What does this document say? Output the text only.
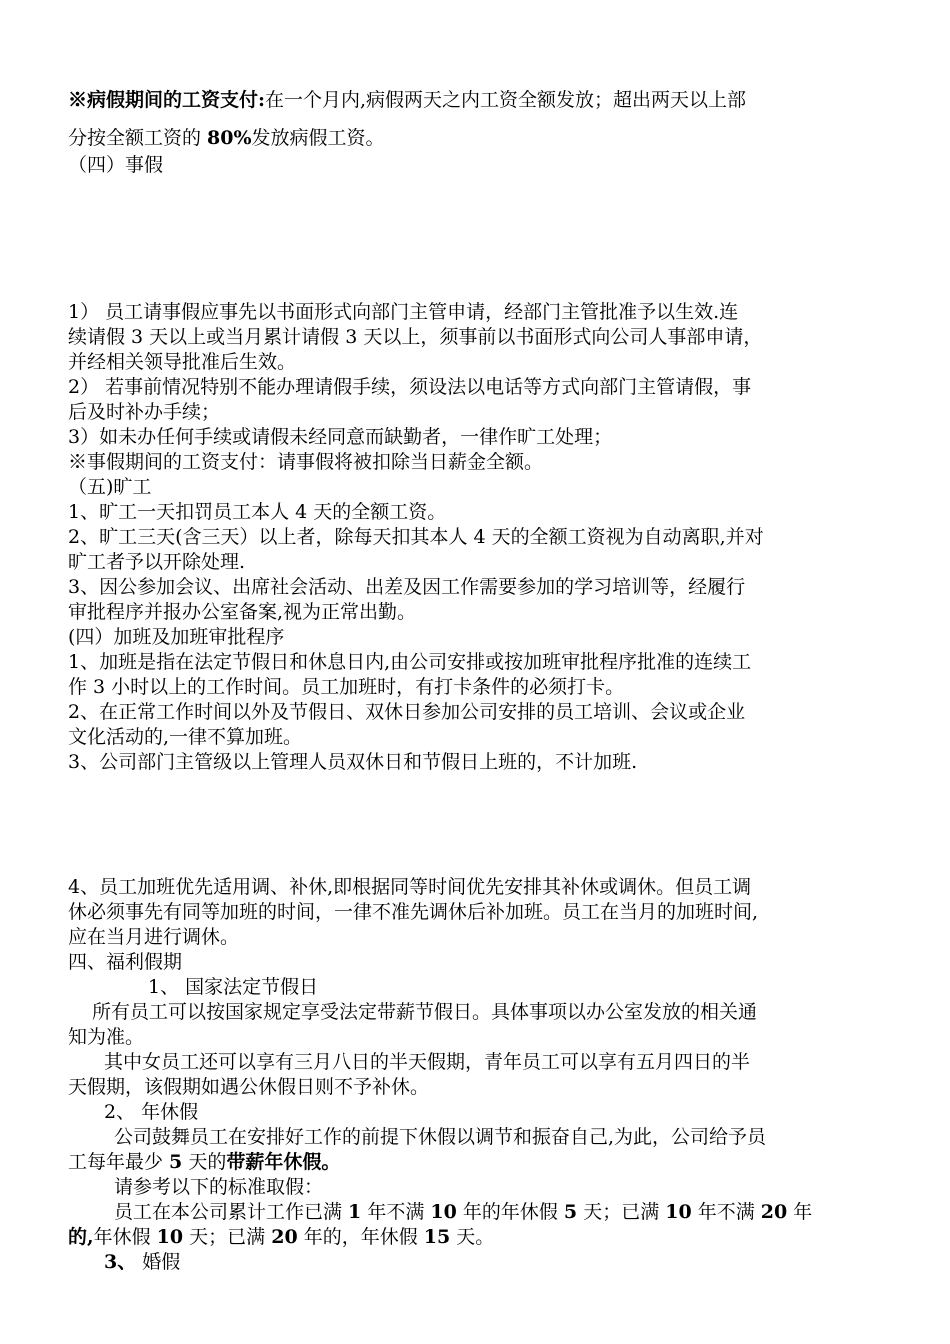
※病假期间的工资支付:在一个月内,病假两天之内工资全额发放；超出两天以上部
分按全额工资的 80%发放病假工资。
（四）事假
1） 员工请事假应事先以书面形式向部门主管申请，经部门主管批准予以生效.连
续请假 3 天以上或当月累计请假 3 天以上，须事前以书面形式向公司人事部申请，
并经相关领导批准后生效。
2） 若事前情况特别不能办理请假手续，须设法以电话等方式向部门主管请假，事
后及时补办手续；
3）如未办任何手续或请假未经同意而缺勤者，一律作旷工处理；
※事假期间的工资支付：请事假将被扣除当日薪金全额。
（五)旷工
1、旷工一天扣罚员工本人 4 天的全额工资。
2、旷工三天(含三天）以上者，除每天扣其本人 4 天的全额工资视为自动离职,并对
旷工者予以开除处理.
3、因公参加会议、出席社会活动、出差及因工作需要参加的学习培训等，经履行
审批程序并报办公室备案,视为正常出勤。
(四）加班及加班审批程序
1、加班是指在法定节假日和休息日内,由公司安排或按加班审批程序批准的连续工
作 3 小时以上的工作时间。员工加班时，有打卡条件的必须打卡。
2、在正常工作时间以外及节假日、双休日参加公司安排的员工培训、会议或企业
文化活动的,一律不算加班。
3、公司部门主管级以上管理人员双休日和节假日上班的，不计加班.
4、员工加班优先适用调、补休,即根据同等时间优先安排其补休或调休。但员工调
休必须事先有同等加班的时间，一律不准先调休后补加班。员工在当月的加班时间,
应在当月进行调休。
四、福利假期
1、 国家法定节假日
所有员工可以按国家规定享受法定带薪节假日。具体事项以办公室发放的相关通
知为准。
其中女员工还可以享有三月八日的半天假期，青年员工可以享有五月四日的半
天假期，该假期如遇公休假日则不予补休。
2、 年休假
公司鼓舞员工在安排好工作的前提下休假以调节和振奋自己,为此，公司给予员
工每年最少 5 天的带薪年休假。
请参考以下的标准取假：
员工在本公司累计工作已满 1 年不满 10 年的年休假 5 天；已满 10 年不满 20 年
的,年休假 10 天；已满 20 年的，年休假 15 天。
3、 婚假
